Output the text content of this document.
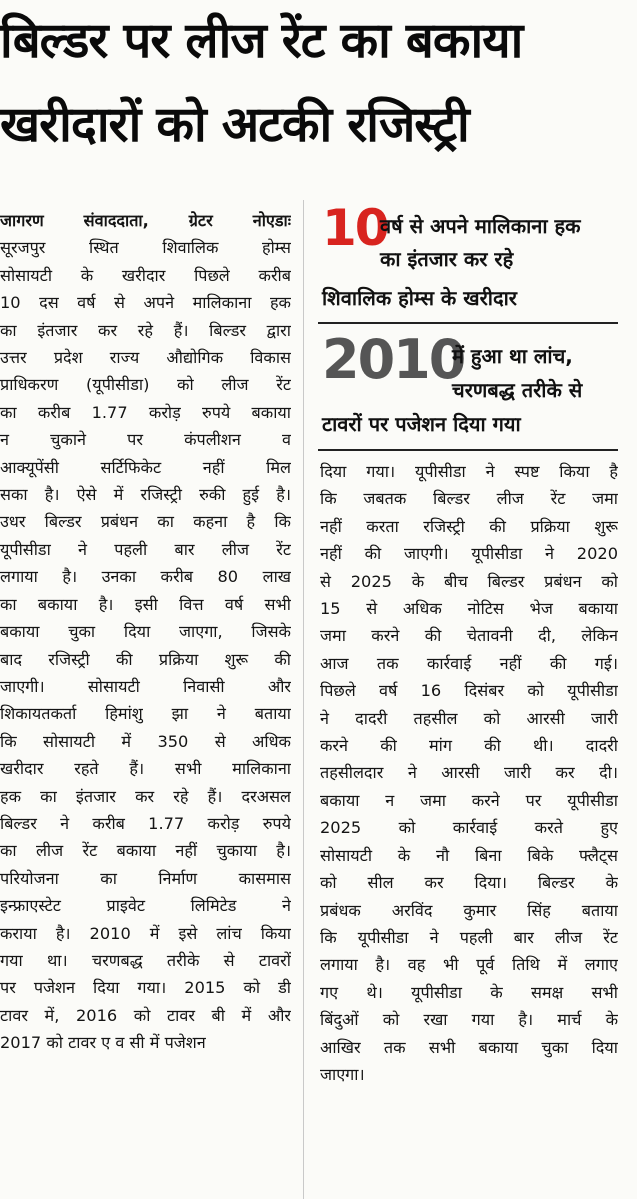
बिल्डर पर लीज रेंट का बकाया
खरीदारों को अटकी रजिस्ट्री
जागरण संवाददाता, ग्रेटर नोएडाः
सूरजपुर स्थित शिवालिक होम्स
सोसायटी के खरीदार पिछले करीब
10 दस वर्ष से अपने मालिकाना हक
का इंतजार कर रहे हैं। बिल्डर द्वारा
उत्तर प्रदेश राज्य औद्योगिक विकास
प्राधिकरण (यूपीसीडा) को लीज रेंट
का करीब 1.77 करोड़ रुपये बकाया
न चुकाने पर कंपलीशन व
आक्यूपेंसी सर्टिफिकेट नहीं मिल
सका है। ऐसे में रजिस्ट्री रुकी हुई है।
उधर बिल्डर प्रबंधन का कहना है कि
यूपीसीडा ने पहली बार लीज रेंट
लगाया है। उनका करीब 80 लाख
का बकाया है। इसी वित्त वर्ष सभी
बकाया चुका दिया जाएगा, जिसके
बाद रजिस्ट्री की प्रक्रिया शुरू की
जाएगी। सोसायटी निवासी और
शिकायतकर्ता हिमांशु झा ने बताया
कि सोसायटी में 350 से अधिक
खरीदार रहते हैं। सभी मालिकाना
हक का इंतजार कर रहे हैं। दरअसल
बिल्डर ने करीब 1.77 करोड़ रुपये
का लीज रेंट बकाया नहीं चुकाया है।
परियोजना का निर्माण कासमास
इन्फ्राएस्टेट प्राइवेट लिमिटेड ने
कराया है। 2010 में इसे लांच किया
गया था। चरणबद्ध तरीके से टावरों
पर पजेशन दिया गया। 2015 को डी
टावर में, 2016 को टावर बी में और
2017 को टावर ए व सी में पजेशन
10
वर्ष से अपने मालिकाना हक
का इंतजार कर रहे
शिवालिक होम्स के खरीदार
2010
में हुआ था लांच,
चरणबद्ध तरीके से
टावरों पर पजेशन दिया गया
दिया गया। यूपीसीडा ने स्पष्ट किया है
कि जबतक बिल्डर लीज रेंट जमा
नहीं करता रजिस्ट्री की प्रक्रिया शुरू
नहीं की जाएगी। यूपीसीडा ने 2020
से 2025 के बीच बिल्डर प्रबंधन को
15 से अधिक नोटिस भेज बकाया
जमा करने की चेतावनी दी, लेकिन
आज तक कार्रवाई नहीं की गई।
पिछले वर्ष 16 दिसंबर को यूपीसीडा
ने दादरी तहसील को आरसी जारी
करने की मांग की थी। दादरी
तहसीलदार ने आरसी जारी कर दी।
बकाया न जमा करने पर यूपीसीडा
2025 को कार्रवाई करते हुए
सोसायटी के नौ बिना बिके फ्लैट्स
को सील कर दिया। बिल्डर के
प्रबंधक अरविंद कुमार सिंह बताया
कि यूपीसीडा ने पहली बार लीज रेंट
लगाया है। वह भी पूर्व तिथि में लगाए
गए थे। यूपीसीडा के समक्ष सभी
बिंदुओं को रखा गया है। मार्च के
आखिर तक सभी बकाया चुका दिया
जाएगा।
